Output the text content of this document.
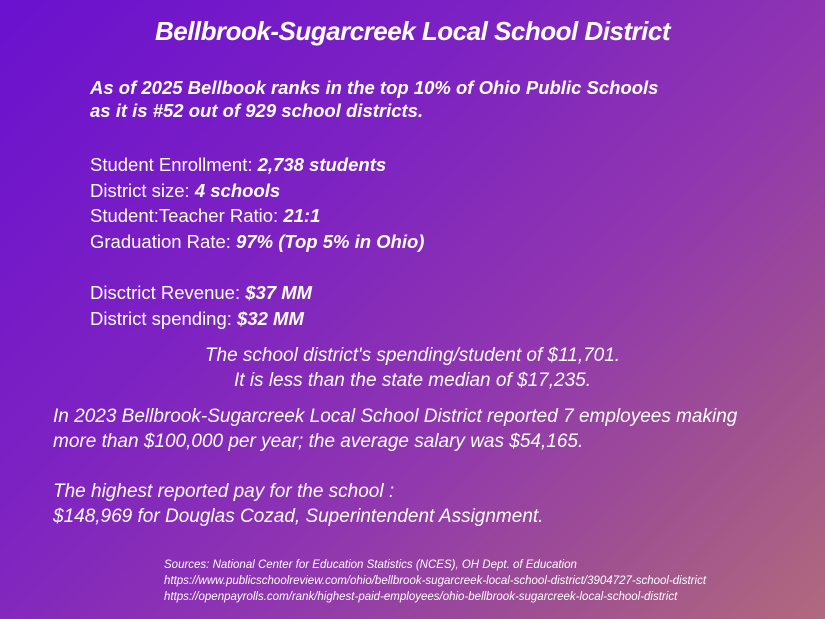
Bellbrook-Sugarcreek Local School District
As of 2025 Bellbook ranks in the top 10% of Ohio Public Schools
as it is #52 out of 929 school districts.
Student Enrollment: 2,738 students
District size: 4 schools
Student:Teacher Ratio: 21:1
Graduation Rate: 97% (Top 5% in Ohio)
Disctrict Revenue: $37 MM
District spending: $32 MM
The school district's spending/student of $11,701.
It is less than the state median of $17,235.
In 2023 Bellbrook-Sugarcreek Local School District reported 7 employees making
more than $100,000 per year; the average salary was $54,165.
The highest reported pay for the school :
$148,969 for Douglas Cozad, Superintendent Assignment.
Sources: National Center for Education Statistics (NCES), OH Dept. of Education
https://www.publicschoolreview.com/ohio/bellbrook-sugarcreek-local-school-district/3904727-school-district
https://openpayrolls.com/rank/highest-paid-employees/ohio-bellbrook-sugarcreek-local-school-district
